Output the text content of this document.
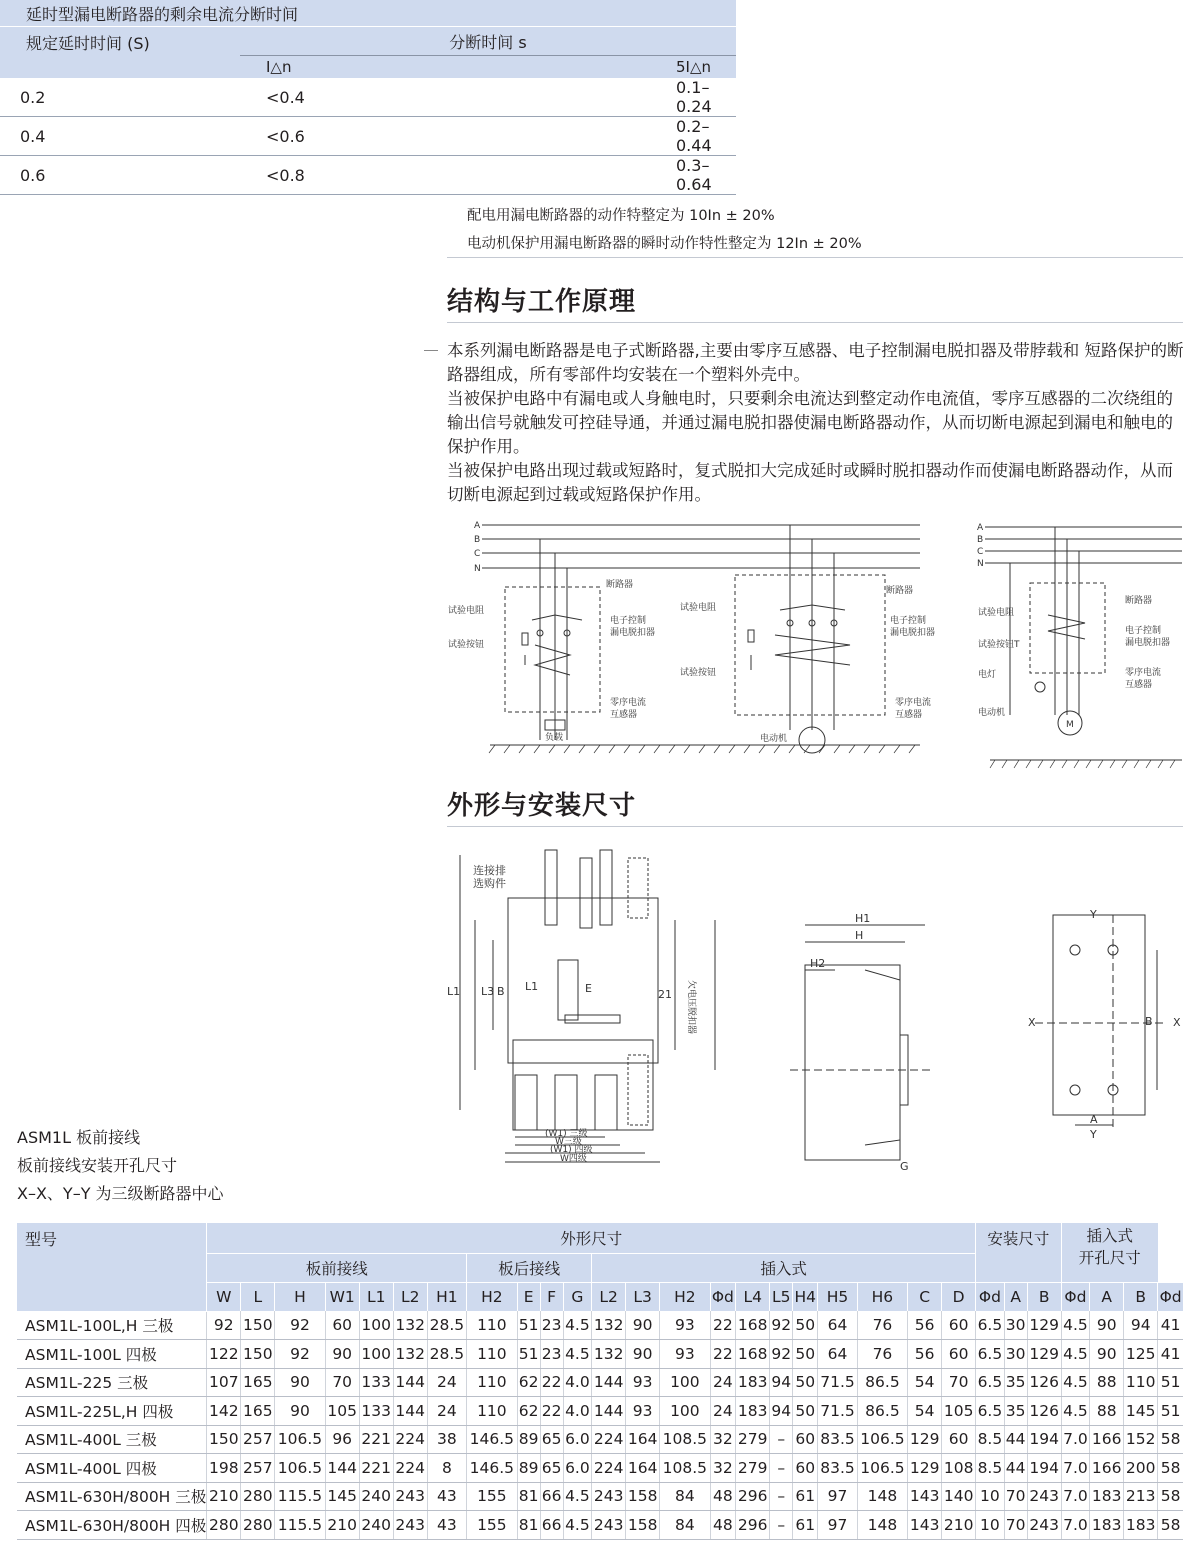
延时型漏电断路器的剩余电流分断时间		
规定延时时间 (S)	分断时间 s	
	I△n	5I△n
0.2	<0.4	0.1–0.24
0.4	<0.6	0.2–0.44
0.6	<0.8	0.3–0.64
配电用漏电断路器的动作特整定为 10In ± 20%
电动机保护用漏电断路器的瞬时动作特性整定为 12In ± 20%
结构与工作原理

本系列漏电断路器是电子式断路器,主要由零序互感器、电子控制漏电脱扣器及带脖载和 短路保护的断路器组成，所有零部件均安装在一个塑料外壳中。

当被保护电路中有漏电或人身触电时，只要剩余电流达到整定动作电流值，零序互感器的二次绕组的输出信号就触发可控硅导通，并通过漏电脱扣器使漏电断路器动作，从而切断电源起到漏电和触电的保护作用。

当被保护电路出现过载或短路时，复式脱扣大完成延时或瞬时脱扣器动作而使漏电断路器动作，从而切断电源起到过载或短路保护作用。

A
断路器
试验电阻
试验按钮
电子控制
漏电脱扣器
零序电流
互感器
负载
断路器
试验电阻
试验按钮
电子控制
漏电脱扣器
零序电流
互感器
电动机
断路器
试验电阻
试验按钮T
电子控制
漏电脱扣器
零序电流
互感器
电灯
电动机
M
B
C
N
A
B
C
N
外形与安装尺寸
连接排
选购件
L1 L3 B L1	E	21
(W1) 三级
W三级
(W1) 四级
W四级
H1
H
H2
G
X	X
Y
Y
A
B
欠电压脱扣器
ASM1L 板前接线
板前接线安装开孔尺寸
X–X、Y–Y 为三级断路器中心
型号	外形尺寸																						安装尺寸			插入式
开孔尺寸			
	板前接线							板后接线				插入式																	
	W	L	H	W1	L1	L2	H1	H2	E	F	G	L2	L3	H2	Φd	L4	L5	H4	H5	H6	C	D	Φd	A	B	Φd	A	B	Φd
ASM1L-100L,H 三极	92	150	92	60	100	132	28.5	110	51	23	4.5	132	90	93	22	168	92	50	64	76	56	60	6.5	30	129	4.5	90	94	41
ASM1L-100L 四极	122	150	92	90	100	132	28.5	110	51	23	4.5	132	90	93	22	168	92	50	64	76	56	60	6.5	30	129	4.5	90	125	41
ASM1L-225 三极	107	165	90	70	133	144	24	110	62	22	4.0	144	93	100	24	183	94	50	71.5	86.5	54	70	6.5	35	126	4.5	88	110	51
ASM1L-225L,H 四极	142	165	90	105	133	144	24	110	62	22	4.0	144	93	100	24	183	94	50	71.5	86.5	54	105	6.5	35	126	4.5	88	145	51
ASM1L-400L 三极	150	257	106.5	96	221	224	38	146.5	89	65	6.0	224	164	108.5	32	279	–	60	83.5	106.5	129	60	8.5	44	194	7.0	166	152	58
ASM1L-400L 四极	198	257	106.5	144	221	224	8	146.5	89	65	6.0	224	164	108.5	32	279	–	60	83.5	106.5	129	108	8.5	44	194	7.0	166	200	58
ASM1L-630H/800H 三极	210	280	115.5	145	240	243	43	155	81	66	4.5	243	158	84	48	296	–	61	97	148	143	140	10	70	243	7.0	183	213	58
ASM1L-630H/800H 四极	280	280	115.5	210	240	243	43	155	81	66	4.5	243	158	84	48	296	–	61	97	148	143	210	10	70	243	7.0	183	183	58
